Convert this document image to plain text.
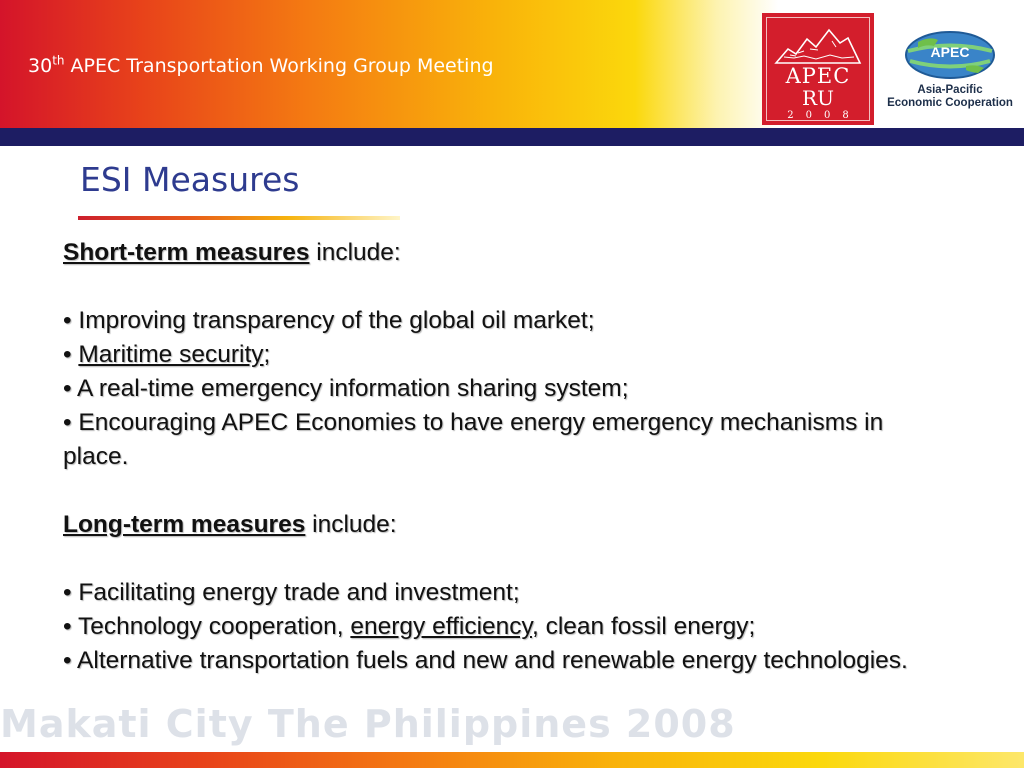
30th APEC Transportation Working Group Meeting	APEC
RU
2008
APEC
Asia-Pacific
Economic Cooperation
ESI Measures

Short-term measures include:

• Improving transparency of the global oil market;

• Maritime security;

• A real-time emergency information sharing system;

• Encouraging APEC Economies to have energy emergency mechanisms in place.

Long-term measures include:

• Facilitating energy trade and investment;

• Technology cooperation, energy efficiency, clean fossil energy;

• Alternative transportation fuels and new and renewable energy technologies.

Makati City The Philippines 2008
